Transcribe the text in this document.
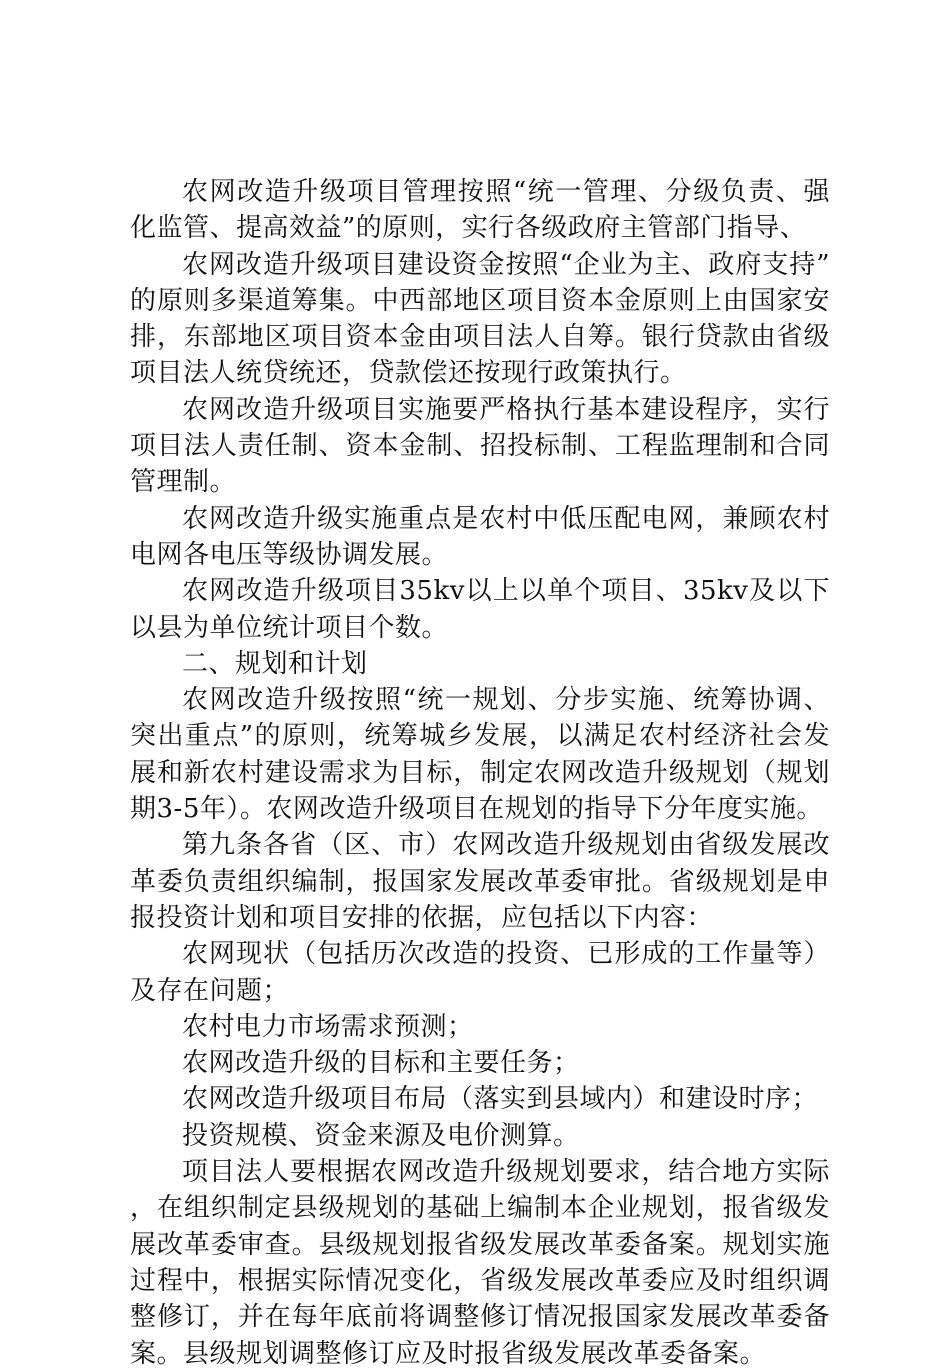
农网改造升级项目管理按照“统一管理、分级负责、强化监管、提高效益”的原则，实行各级政府主管部门指导、

农网改造升级项目建设资金按照“企业为主、政府支持”的原则多渠道筹集。中西部地区项目资本金原则上由国家安排，东部地区项目资本金由项目法人自筹。银行贷款由省级项目法人统贷统还，贷款偿还按现行政策执行。

农网改造升级项目实施要严格执行基本建设程序，实行项目法人责任制、资本金制、招投标制、工程监理制和合同管理制。

农网改造升级实施重点是农村中低压配电网，兼顾农村电网各电压等级协调发展。

农网改造升级项目35kv以上以单个项目、35kv及以下以县为单位统计项目个数。

二、规划和计划

农网改造升级按照“统一规划、分步实施、统筹协调、突出重点”的原则，统筹城乡发展，以满足农村经济社会发展和新农村建设需求为目标，制定农网改造升级规划（规划期3-5年）。农网改造升级项目在规划的指导下分年度实施。

第九条各省（区、市）农网改造升级规划由省级发展改革委负责组织编制，报国家发展改革委审批。省级规划是申报投资计划和项目安排的依据，应包括以下内容：

农网现状（包括历次改造的投资、已形成的工作量等）及存在问题；

农村电力市场需求预测；

农网改造升级的目标和主要任务；

农网改造升级项目布局（落实到县域内）和建设时序；

投资规模、资金来源及电价测算。

项目法人要根据农网改造升级规划要求，结合地方实际，在组织制定县级规划的基础上编制本企业规划，报省级发展改革委审查。县级规划报省级发展改革委备案。规划实施过程中，根据实际情况变化，省级发展改革委应及时组织调整修订，并在每年底前将调整修订情况报国家发展改革委备案。县级规划调整修订应及时报省级发展改革委备案。
